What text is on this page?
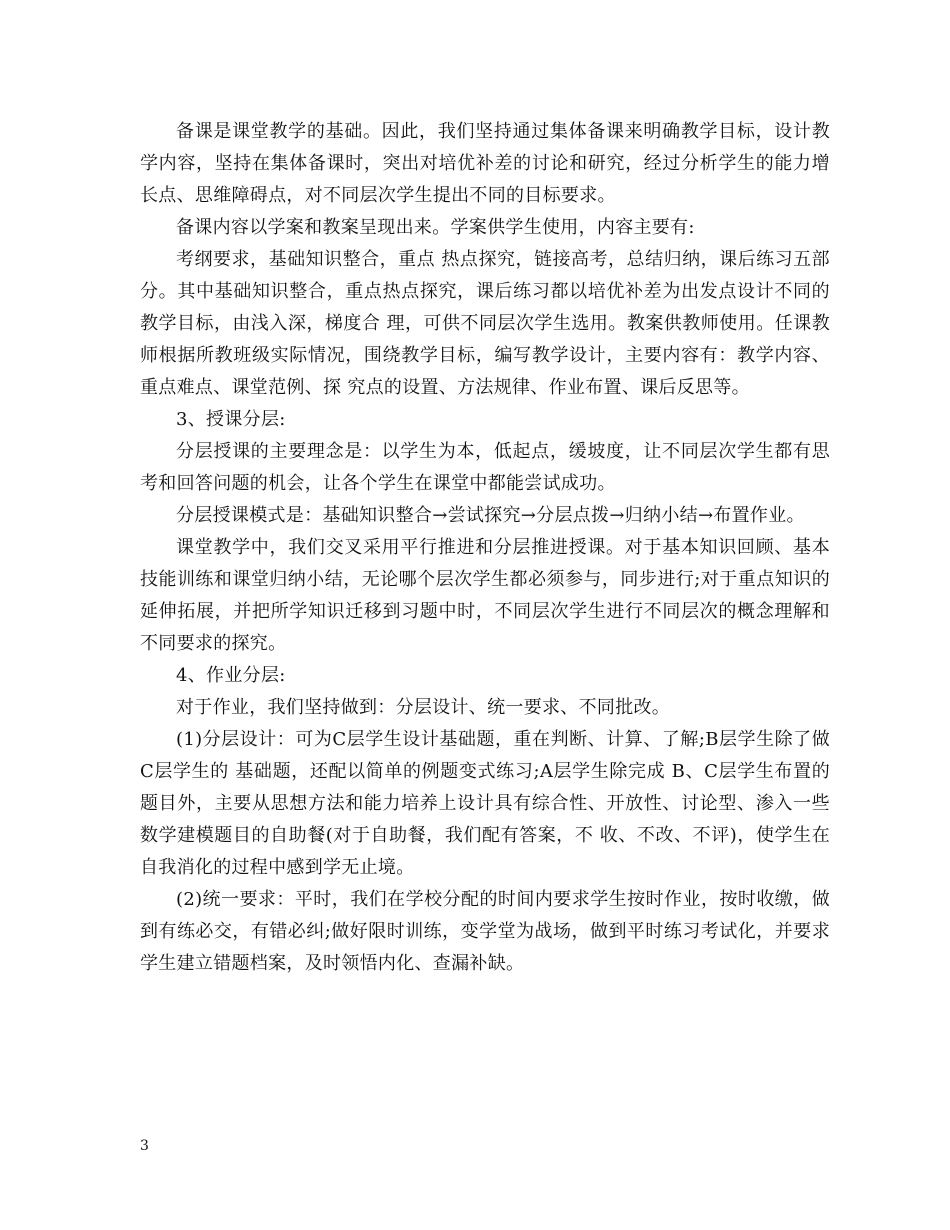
备课是课堂教学的基础。因此，我们坚持通过集体备课来明确教学目标，设计教学内容，坚持在集体备课时，突出对培优补差的讨论和研究，经过分析学生的能力增长点、思维障碍点，对不同层次学生提出不同的目标要求。

备课内容以学案和教案呈现出来。学案供学生使用，内容主要有:

考纲要求，基础知识整合，重点 热点探究，链接高考，总结归纳，课后练习五部分。其中基础知识整合，重点热点探究，课后练习都以培优补差为出发点设计不同的教学目标，由浅入深，梯度合 理，可供不同层次学生选用。教案供教师使用。任课教师根据所教班级实际情况，围绕教学目标，编写教学设计，主要内容有：教学内容、重点难点、课堂范例、探 究点的设置、方法规律、作业布置、课后反思等。

3、授课分层:

分层授课的主要理念是：以学生为本，低起点，缓坡度，让不同层次学生都有思考和回答问题的机会，让各个学生在课堂中都能尝试成功。

分层授课模式是：基础知识整合→尝试探究→分层点拨→归纳小结→布置作业。

课堂教学中，我们交叉采用平行推进和分层推进授课。对于基本知识回顾、基本技能训练和课堂归纳小结，无论哪个层次学生都必须参与，同步进行;对于重点知识的延伸拓展，并把所学知识迁移到习题中时，不同层次学生进行不同层次的概念理解和不同要求的探究。

4、作业分层:

对于作业，我们坚持做到：分层设计、统一要求、不同批改。

(1)分层设计：可为C层学生设计基础题，重在判断、计算、了解;B层学生除了做C层学生的 基础题，还配以简单的例题变式练习;A层学生除完成 B、C层学生布置的题目外，主要从思想方法和能力培养上设计具有综合性、开放性、讨论型、渗入一些数学建模题目的自助餐(对于自助餐，我们配有答案，不 收、不改、不评)，使学生在自我消化的过程中感到学无止境。

(2)统一要求：平时，我们在学校分配的时间内要求学生按时作业，按时收缴，做到有练必交，有错必纠;做好限时训练，变学堂为战场，做到平时练习考试化，并要求学生建立错题档案，及时领悟内化、查漏补缺。

3
